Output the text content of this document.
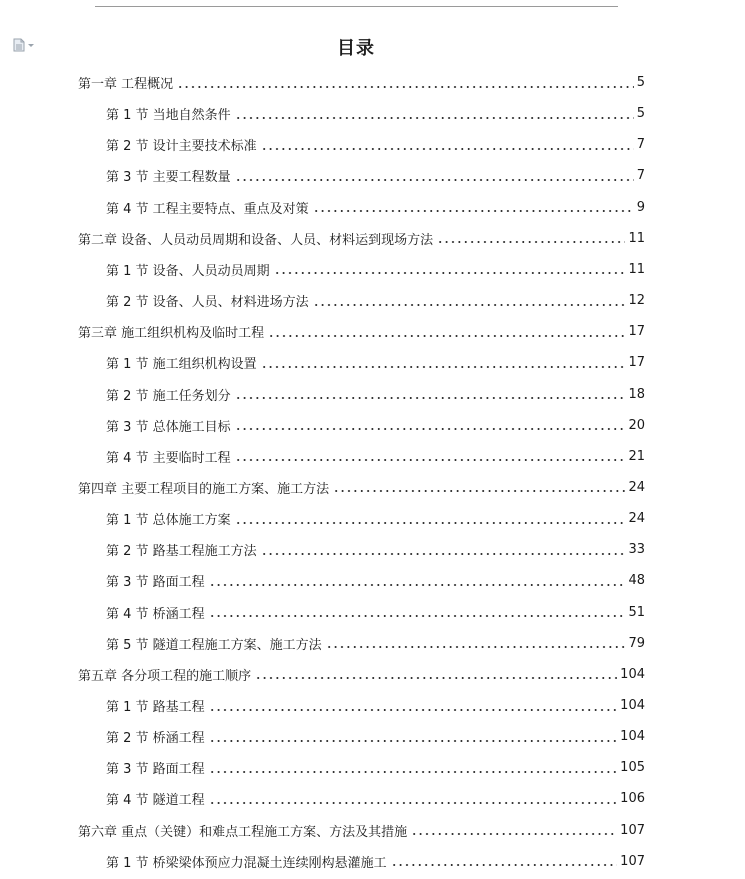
目录
第一章 工程概况	5
第 1 节 当地自然条件	5
第 2 节 设计主要技术标准	7
第 3 节 主要工程数量	7
第 4 节 工程主要特点、重点及对策	9
第二章 设备、人员动员周期和设备、人员、材料运到现场方法	11
第 1 节 设备、人员动员周期	11
第 2 节 设备、人员、材料进场方法	12
第三章 施工组织机构及临时工程	17
第 1 节 施工组织机构设置	17
第 2 节 施工任务划分	18
第 3 节 总体施工目标	20
第 4 节 主要临时工程	21
第四章 主要工程项目的施工方案、施工方法	24
第 1 节 总体施工方案	24
第 2 节 路基工程施工方法	33
第 3 节 路面工程	48
第 4 节 桥涵工程	51
第 5 节 隧道工程施工方案、施工方法	79
第五章 各分项工程的施工顺序	104
第 1 节 路基工程	104
第 2 节 桥涵工程	104
第 3 节 路面工程	105
第 4 节 隧道工程	106
第六章 重点（关键）和难点工程施工方案、方法及其措施	107
第 1 节 桥梁梁体预应力混凝土连续刚构悬灌施工	107
